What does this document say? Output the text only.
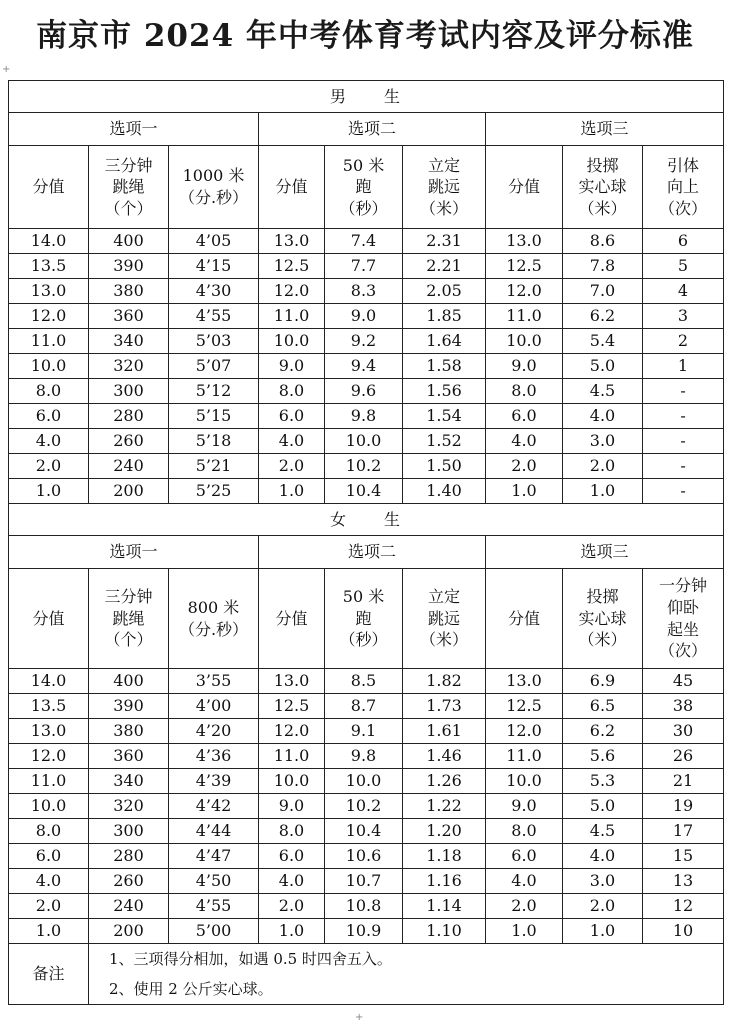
南京市 2024 年中考体育考试内容及评分标准
+
+
男　　生								
选项一			选项二			选项三		
分值	三分钟
跳绳
（个）	1000 米
（分.秒）	分值	50 米
跑
（秒）	立定
跳远
（米）	分值	投掷
实心球
（米）	引体
向上
（次）
14.0	400	4’05	13.0	7.4	2.31	13.0	8.6	6
13.5	390	4’15	12.5	7.7	2.21	12.5	7.8	5
13.0	380	4’30	12.0	8.3	2.05	12.0	7.0	4
12.0	360	4’55	11.0	9.0	1.85	11.0	6.2	3
11.0	340	5’03	10.0	9.2	1.64	10.0	5.4	2
10.0	320	5’07	9.0	9.4	1.58	9.0	5.0	1
8.0	300	5’12	8.0	9.6	1.56	8.0	4.5	-
6.0	280	5’15	6.0	9.8	1.54	6.0	4.0	-
4.0	260	5’18	4.0	10.0	1.52	4.0	3.0	-
2.0	240	5’21	2.0	10.2	1.50	2.0	2.0	-
1.0	200	5’25	1.0	10.4	1.40	1.0	1.0	-
女　　生								
选项一			选项二			选项三		
分值	三分钟
跳绳
（个）	800 米
（分.秒）	分值	50 米
跑
（秒）	立定
跳远
（米）	分值	投掷
实心球
（米）	一分钟
仰卧
起坐
（次）
14.0	400	3’55	13.0	8.5	1.82	13.0	6.9	45
13.5	390	4’00	12.5	8.7	1.73	12.5	6.5	38
13.0	380	4’20	12.0	9.1	1.61	12.0	6.2	30
12.0	360	4’36	11.0	9.8	1.46	11.0	5.6	26
11.0	340	4’39	10.0	10.0	1.26	10.0	5.3	21
10.0	320	4’42	9.0	10.2	1.22	9.0	5.0	19
8.0	300	4’44	8.0	10.4	1.20	8.0	4.5	17
6.0	280	4’47	6.0	10.6	1.18	6.0	4.0	15
4.0	260	4’50	4.0	10.7	1.16	4.0	3.0	13
2.0	240	4’55	2.0	10.8	1.14	2.0	2.0	12
1.0	200	5’00	1.0	10.9	1.10	1.0	1.0	10
备注	1、三项得分相加，如遇 0.5 时四舍五入。
2、使用 2 公斤实心球。							
